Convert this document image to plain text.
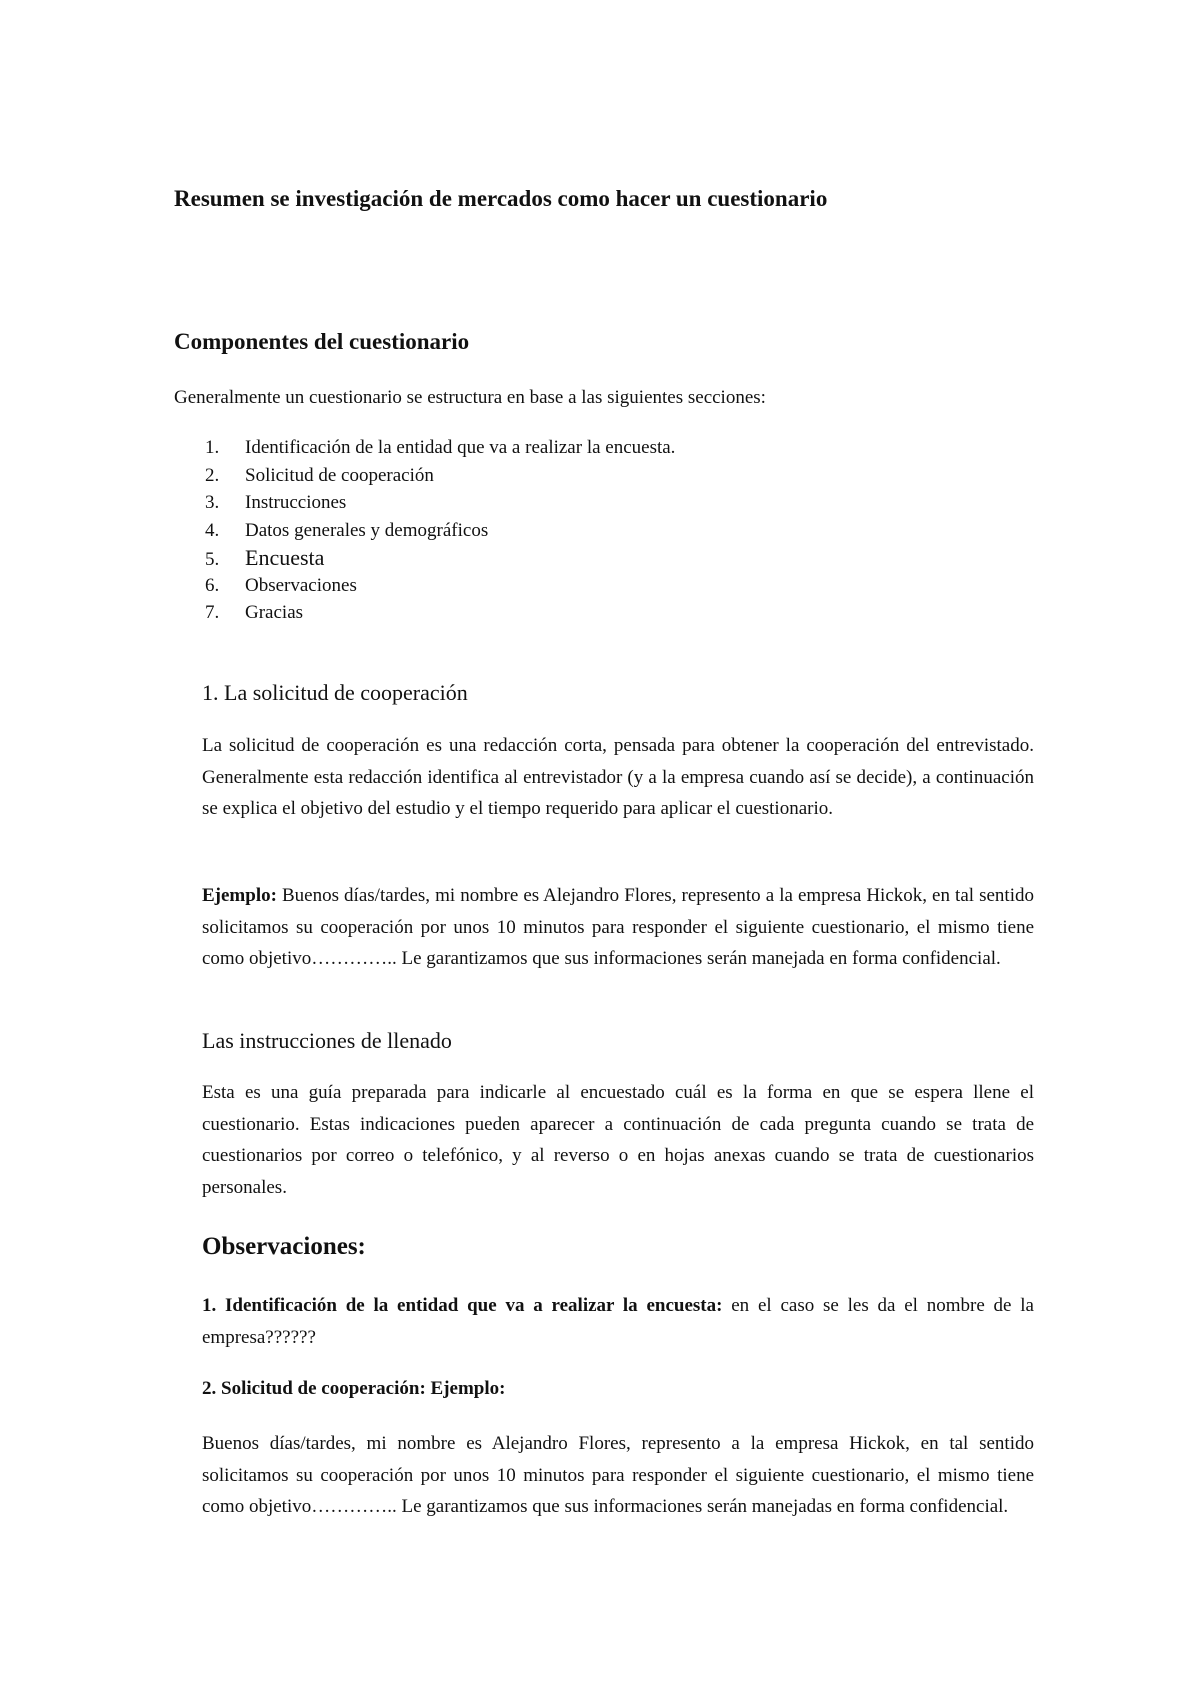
Resumen se investigación de mercados como hacer un cuestionario
Componentes del cuestionario

Generalmente un cuestionario se estructura en base a las siguientes secciones:

1. Identificación de la entidad que va a realizar la encuesta.
2. Solicitud de cooperación
3. Instrucciones
4. Datos generales y demográficos
5. Encuesta
6. Observaciones
7. Gracias
1. La solicitud de cooperación

La solicitud de cooperación es una redacción corta, pensada para obtener la cooperación del entrevistado. Generalmente esta redacción identifica al entrevistador (y a la empresa cuando así se decide), a continuación se explica el objetivo del estudio y el tiempo requerido para aplicar el cuestionario.

Ejemplo: Buenos días/tardes, mi nombre es Alejandro Flores, represento a la empresa Hickok, en tal sentido solicitamos su cooperación por unos 10 minutos para responder el siguiente cuestionario, el mismo tiene como objetivo………….. Le garantizamos que sus informaciones serán manejada en forma confidencial.

Las instrucciones de llenado

Esta es una guía preparada para indicarle al encuestado cuál es la forma en que se espera llene el cuestionario. Estas indicaciones pueden aparecer a continuación de cada pregunta cuando se trata de cuestionarios por correo o telefónico, y al reverso o en hojas anexas cuando se trata de cuestionarios personales.

Observaciones:

1. Identificación de la entidad que va a realizar la encuesta: en el caso se les da el nombre de la empresa??????

2. Solicitud de cooperación: Ejemplo:

Buenos días/tardes, mi nombre es Alejandro Flores, represento a la empresa Hickok, en tal sentido solicitamos su cooperación por unos 10 minutos para responder el siguiente cuestionario, el mismo tiene como objetivo………….. Le garantizamos que sus informaciones serán manejadas en forma confidencial.
